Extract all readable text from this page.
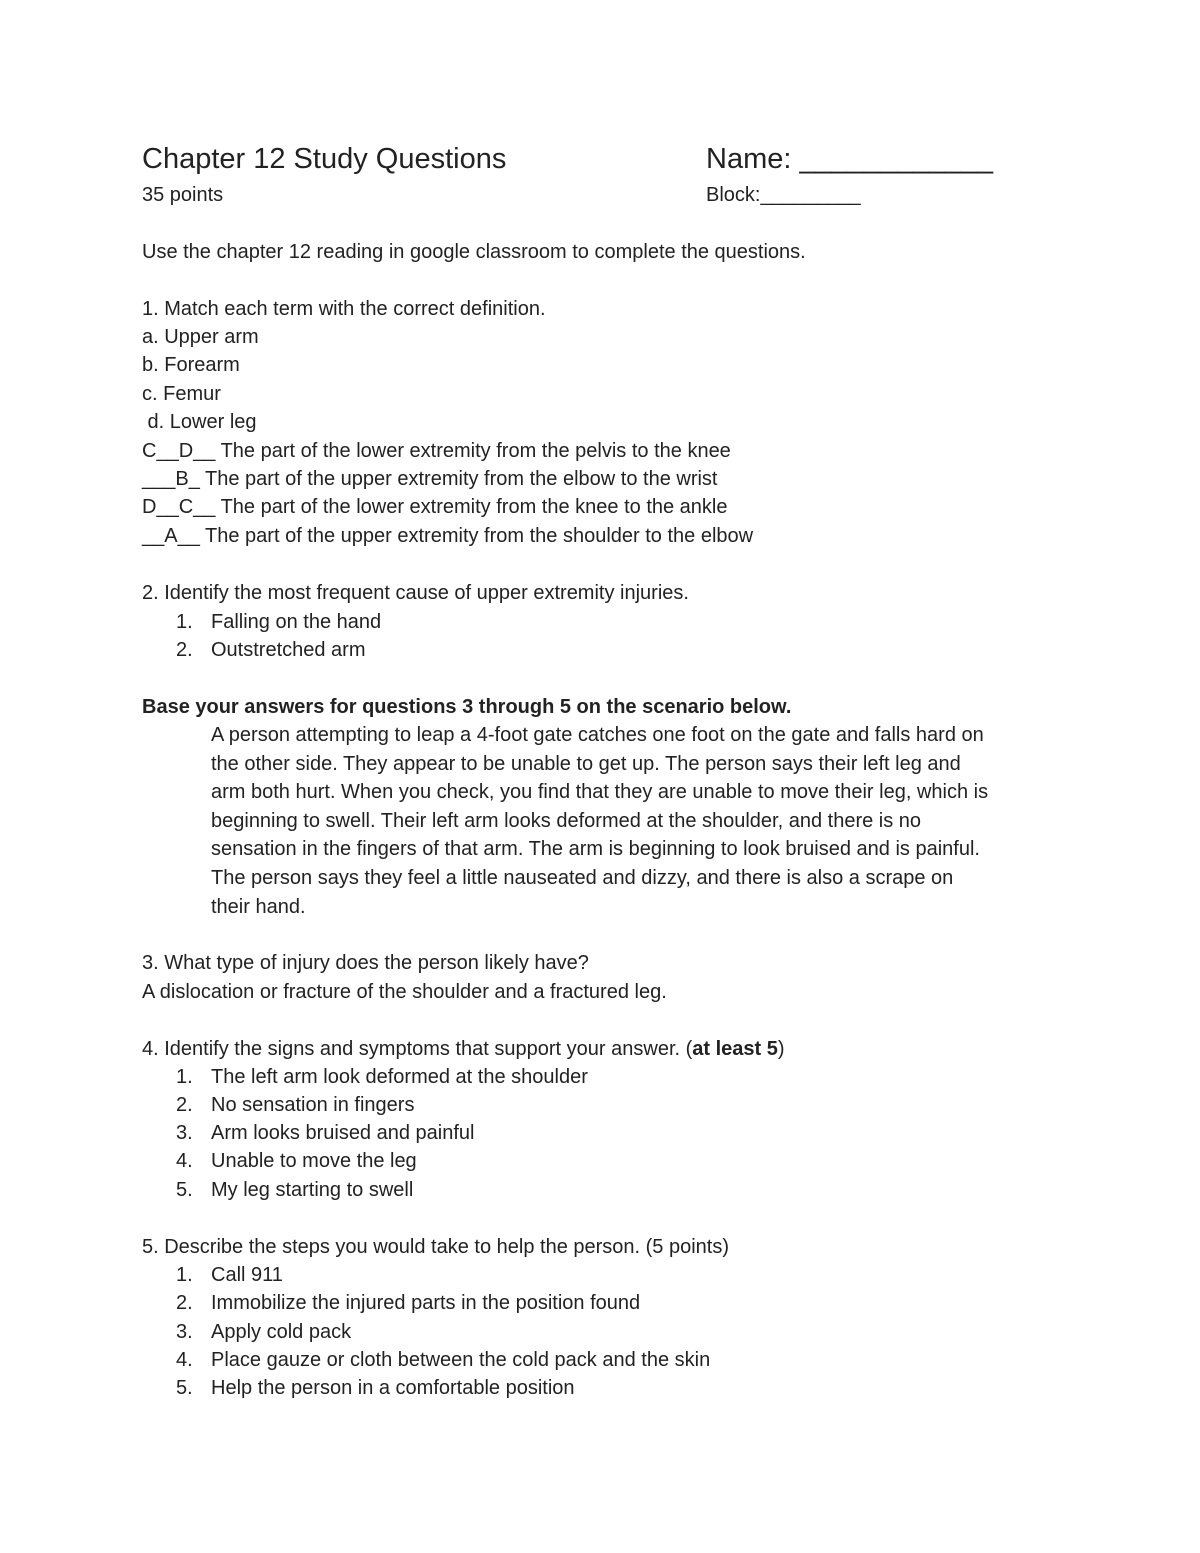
Chapter 12 Study Questions	Name: ____________
35 points	Block:_________
Use the chapter 12 reading in google classroom to complete the questions.
1. Match each term with the correct definition.
a. Upper arm
b. Forearm
c. Femur
d. Lower leg
C__D__ The part of the lower extremity from the pelvis to the knee
___B_ The part of the upper extremity from the elbow to the wrist
D__C__ The part of the lower extremity from the knee to the ankle
__A__ The part of the upper extremity from the shoulder to the elbow
2. Identify the most frequent cause of upper extremity injuries.
1. Falling on the hand
2. Outstretched arm
Base your answers for questions 3 through 5 on the scenario below.
A person attempting to leap a 4-foot gate catches one foot on the gate and falls hard on
the other side. They appear to be unable to get up. The person says their left leg and
arm both hurt. When you check, you find that they are unable to move their leg, which is
beginning to swell. Their left arm looks deformed at the shoulder, and there is no
sensation in the fingers of that arm. The arm is beginning to look bruised and is painful.
The person says they feel a little nauseated and dizzy, and there is also a scrape on
their hand.
3. What type of injury does the person likely have?
A dislocation or fracture of the shoulder and a fractured leg.
4. Identify the signs and symptoms that support your answer. (at least 5)
1. The left arm look deformed at the shoulder
2. No sensation in fingers
3. Arm looks bruised and painful
4. Unable to move the leg
5. My leg starting to swell
5. Describe the steps you would take to help the person. (5 points)
1. Call 911
2. Immobilize the injured parts in the position found
3. Apply cold pack
4. Place gauze or cloth between the cold pack and the skin
5. Help the person in a comfortable position
